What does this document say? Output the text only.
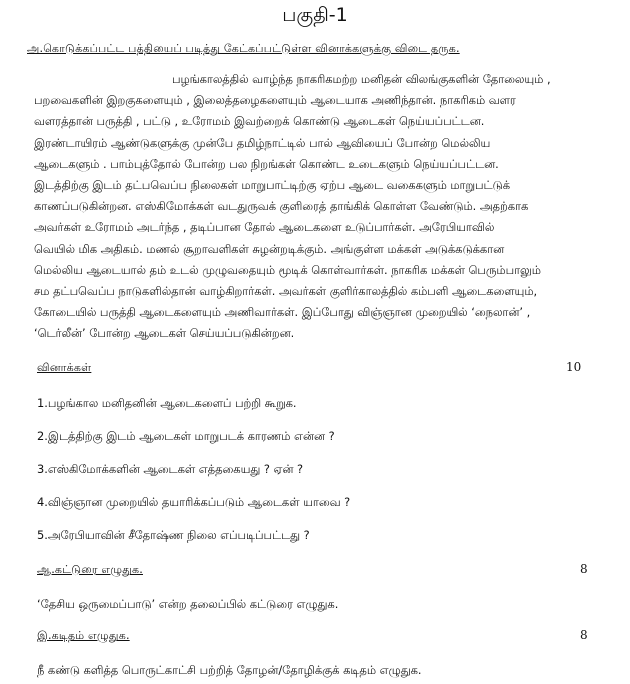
பகுதி-1
அ.கொடுக்கப்பட்ட பத்தியைப் படித்து கேட்கப்பட்டுள்ள வினாக்களுக்கு விடை தருக.
பழங்காலத்தில் வாழ்ந்த நாகரிகமற்ற மனிதன் விலங்குகளின் தோலையும் ,
பறவைகளின் இறகுகளையும் , இலைத்தழைகளையும் ஆடையாக அணிந்தான். நாகரிகம் வளர
வளரத்தான் பருத்தி , பட்டு , உரோமம் இவற்றைக் கொண்டு ஆடைகள் நெய்யப்பட்டன.
இரண்டாயிரம் ஆண்டுகளுக்கு முன்பே தமிழ்நாட்டில் பால் ஆவியைப் போன்ற மெல்லிய
ஆடைகளும் . பாம்புத்தோல் போன்ற பல நிறங்கள் கொண்ட உடைகளும் நெய்யப்பட்டன.
இடத்திற்கு இடம் தட்பவெப்ப நிலைகள் மாறுபாட்டிற்கு ஏற்ப ஆடை வகைகளும் மாறுபட்டுக்
காணப்படுகின்றன. எஸ்கிமோக்கள் வடதுருவக் குளிரைத் தாங்கிக் கொள்ள வேண்டும். அதற்காக
அவர்கள் உரோமம் அடர்ந்த , தடிப்பான தோல் ஆடைகளை உடுப்பார்கள். அரேபியாவில்
வெயில் மிக அதிகம். மணல் சூறாவளிகள் சுழன்றடிக்கும். அங்குள்ள மக்கள் அடுக்கடுக்கான
மெல்லிய ஆடையால் தம் உடல் முழுவதையும் மூடிக் கொள்வார்கள். நாகரிக மக்கள் பெரும்பாலும்
சம தட்பவெப்ப நாடுகளில்தான் வாழ்கிறார்கள். அவர்கள் குளிர்காலத்தில் கம்பளி ஆடைகளையும்,
கோடையில் பருத்தி ஆடைகளையும் அணிவார்கள். இப்போது விஞ்ஞான முறையில் ‘நைலான்’ ,
‘டெர்லீன்’ போன்ற ஆடைகள் செய்யப்படுகின்றன.
வினாக்கள்	10
1.பழங்கால மனிதனின் ஆடைகளைப் பற்றி கூறுக.
2.இடத்திற்கு இடம் ஆடைகள் மாறுபடக் காரணம் என்ன ?
3.எஸ்கிமோக்களின் ஆடைகள் எத்தகையது ? ஏன் ?
4.விஞ்ஞான முறையில் தயாரிக்கப்படும் ஆடைகள் யாவை ?
5.அரேபியாவின் சீதோஷ்ண நிலை எப்படிப்பட்டது ?
ஆ.கட்டுரை எழுதுக.	8
‘தேசிய ஒருமைப்பாடு’ என்ற தலைப்பில் கட்டுரை எழுதுக.
இ.கடிதம் எழுதுக.	8
நீ கண்டு களித்த பொருட்காட்சி பற்றித் தோழன்/தோழிக்குக் கடிதம் எழுதுக.
